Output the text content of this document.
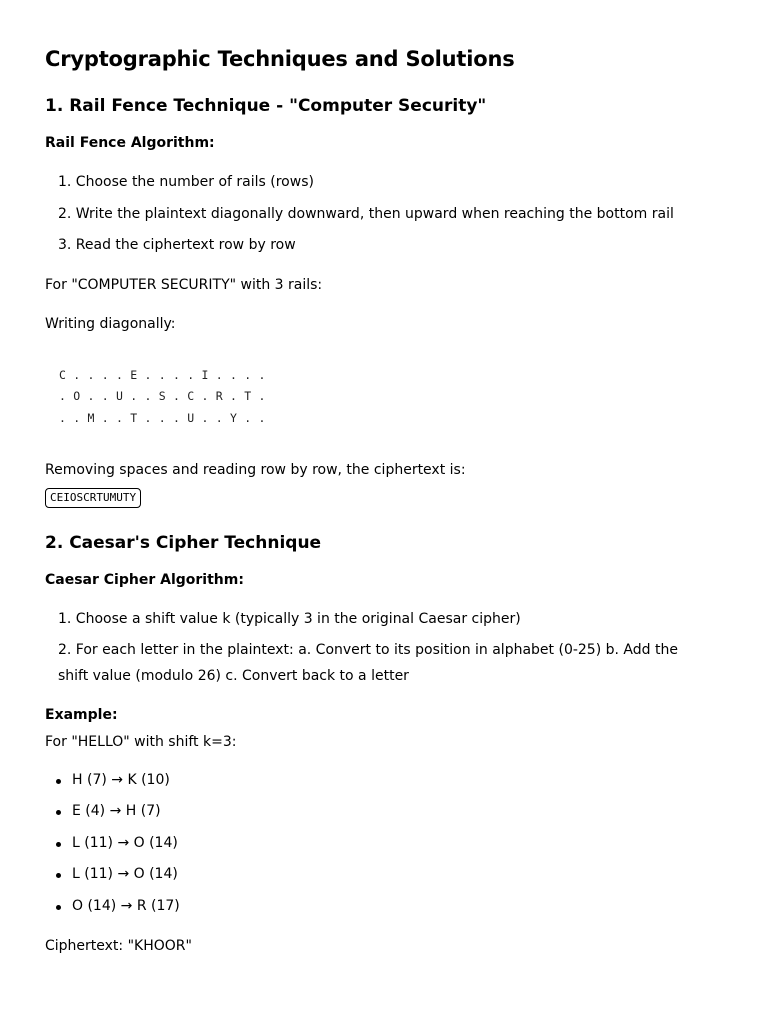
Cryptographic Techniques and Solutions
1. Rail Fence Technique - "Computer Security"
Rail Fence Algorithm:
1. Choose the number of rails (rows)
2. Write the plaintext diagonally downward, then upward when reaching the bottom rail
3. Read the ciphertext row by row
For "COMPUTER SECURITY" with 3 rails:
Writing diagonally:
C . . . . E . . . . I . . . .
. O . . U . . S . C . R . T .
. . M . . T . . . U . . Y . .
Removing spaces and reading row by row, the ciphertext is:
CEIOSCRTUMUTY
2. Caesar's Cipher Technique
Caesar Cipher Algorithm:
1. Choose a shift value k (typically 3 in the original Caesar cipher)
2. For each letter in the plaintext: a. Convert to its position in alphabet (0-25) b. Add the shift value (modulo 26) c. Convert back to a letter
Example:
For "HELLO" with shift k=3:
H (7) → K (10)
E (4) → H (7)
L (11) → O (14)
L (11) → O (14)
O (14) → R (17)
Ciphertext: "KHOOR"
